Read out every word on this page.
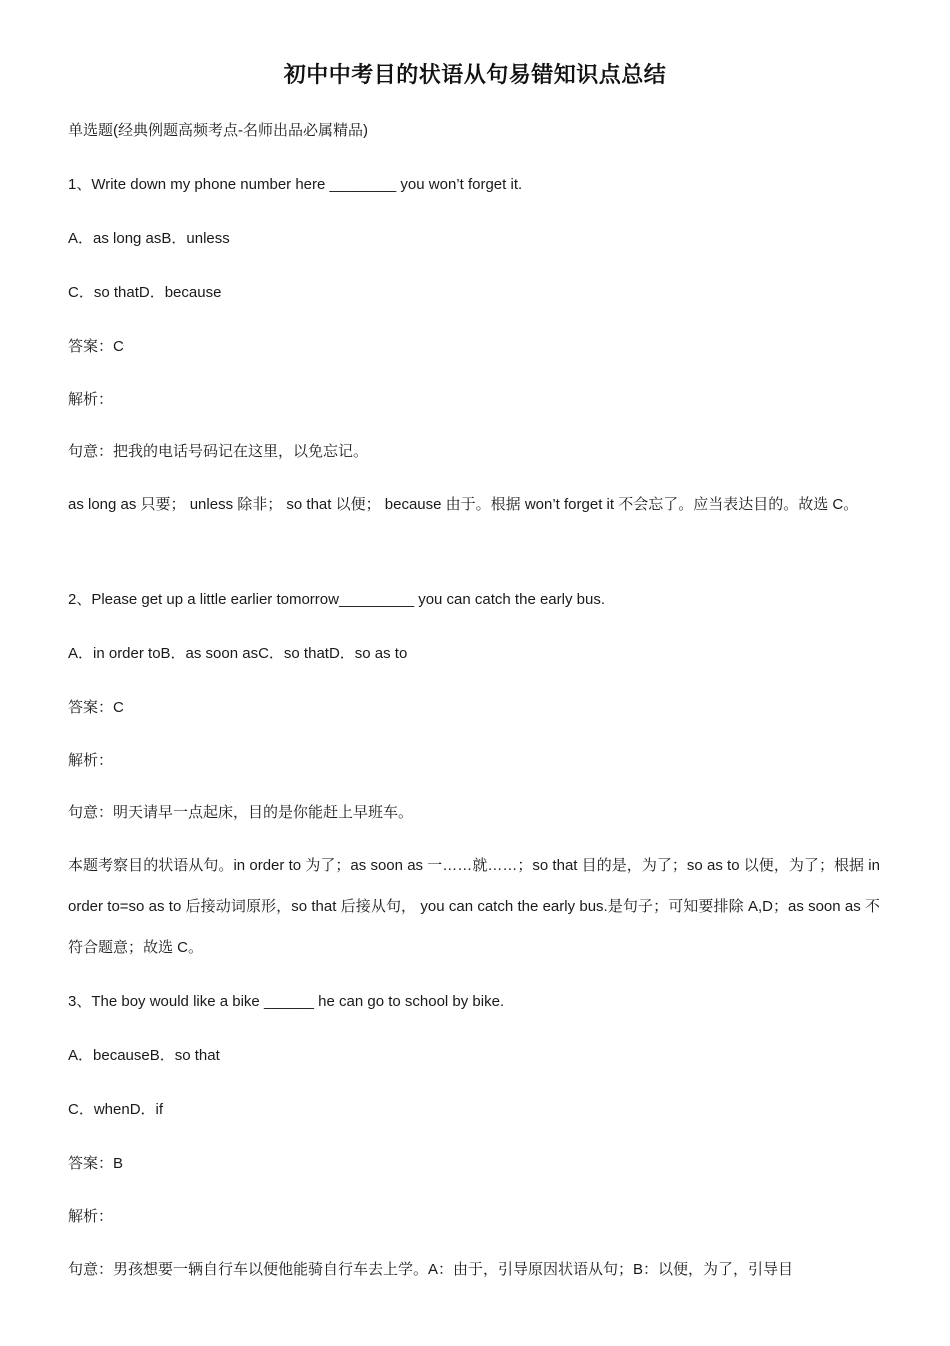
初中中考目的状语从句易错知识点总结
单选题(经典例题高频考点-名师出品必属精品)
1、Write down my phone number here ________ you won’t forget it.
A．as long asB．unless
C．so thatD．because
答案：C
解析：
句意：把我的电话号码记在这里，以免忘记。
as long as 只要； unless 除非； so that 以便； because 由于。根据 won’t forget it 不会忘了。应当表达目的。故选 C。
2、Please get up a little earlier tomorrow_________ you can catch the early bus.
A．in order toB．as soon asC．so thatD．so as to
答案：C
解析：
句意：明天请早一点起床，目的是你能赶上早班车。
本题考察目的状语从句。in order to 为了；as soon as 一……就……；so that 目的是，为了；so as to 以便，为了；根据 in order to=so as to 后接动词原形，so that 后接从句， you can catch the early bus.是句子；可知要排除 A,D；as soon as 不符合题意；故选 C。
3、The boy would like a bike ______ he can go to school by bike.
A．becauseB．so that
C．whenD．if
答案：B
解析：
句意：男孩想要一辆自行车以便他能骑自行车去上学。A：由于，引导原因状语从句；B：以便，为了，引导目
